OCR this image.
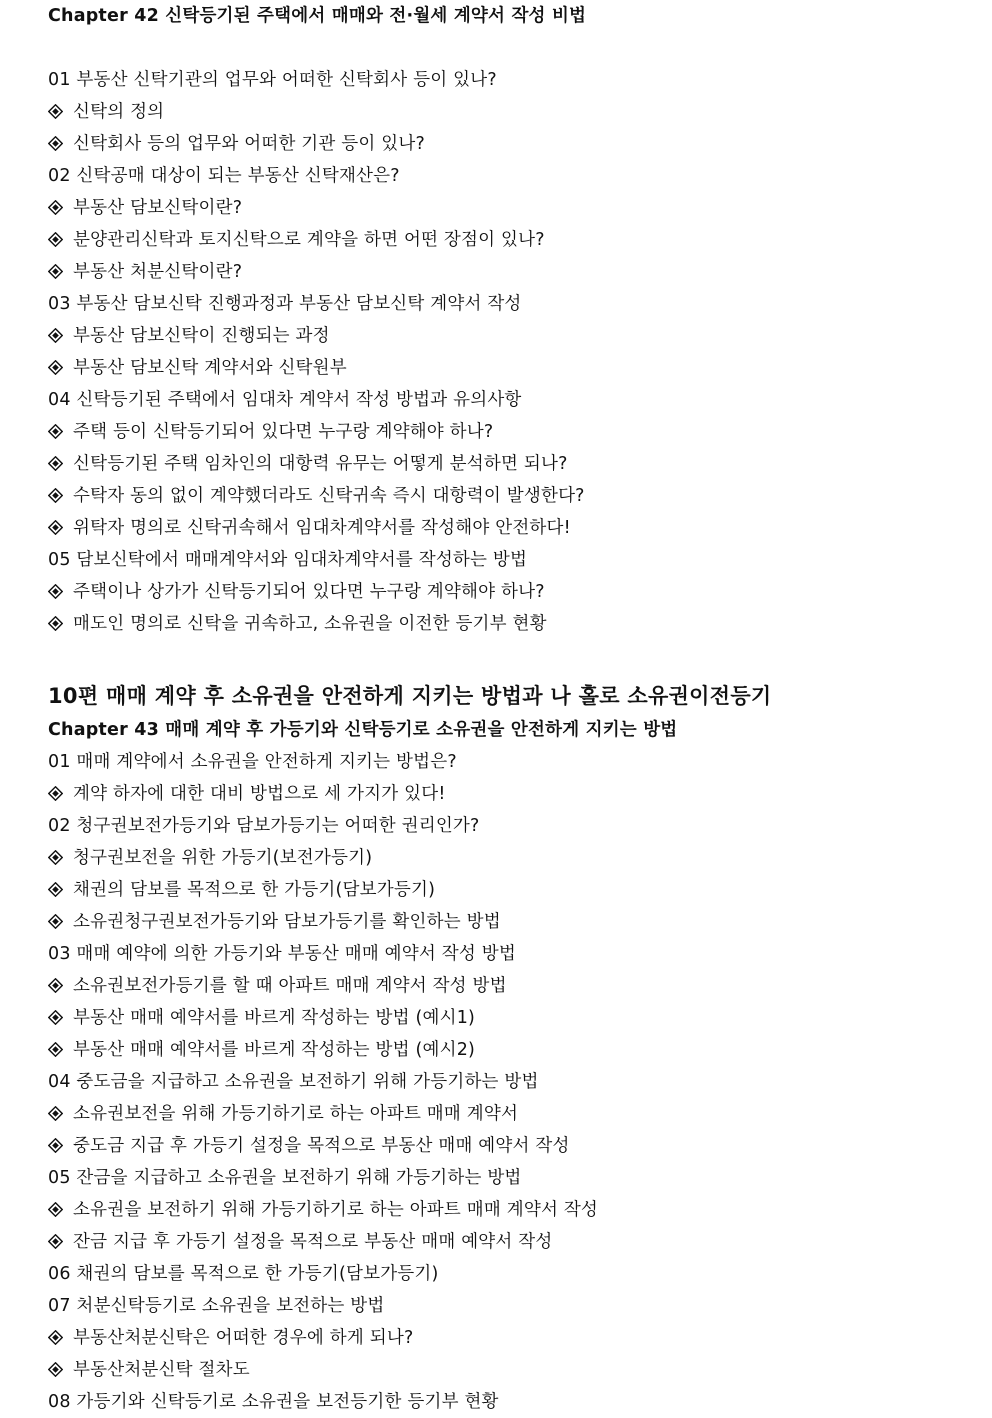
Chapter 42 신탁등기된 주택에서 매매와 전·월세 계약서 작성 비법
01 부동산 신탁기관의 업무와 어떠한 신탁회사 등이 있나?
신탁의 정의
신탁회사 등의 업무와 어떠한 기관 등이 있나?
02 신탁공매 대상이 되는 부동산 신탁재산은?
부동산 담보신탁이란?
분양관리신탁과 토지신탁으로 계약을 하면 어떤 장점이 있나?
부동산 처분신탁이란?
03 부동산 담보신탁 진행과정과 부동산 담보신탁 계약서 작성
부동산 담보신탁이 진행되는 과정
부동산 담보신탁 계약서와 신탁원부
04 신탁등기된 주택에서 임대차 계약서 작성 방법과 유의사항
주택 등이 신탁등기되어 있다면 누구랑 계약해야 하나?
신탁등기된 주택 임차인의 대항력 유무는 어떻게 분석하면 되나?
수탁자 동의 없이 계약했더라도 신탁귀속 즉시 대항력이 발생한다?
위탁자 명의로 신탁귀속해서 임대차계약서를 작성해야 안전하다!
05 담보신탁에서 매매계약서와 임대차계약서를 작성하는 방법
주택이나 상가가 신탁등기되어 있다면 누구랑 계약해야 하나?
매도인 명의로 신탁을 귀속하고, 소유권을 이전한 등기부 현황
10편 매매 계약 후 소유권을 안전하게 지키는 방법과 나 홀로 소유권이전등기
Chapter 43 매매 계약 후 가등기와 신탁등기로 소유권을 안전하게 지키는 방법
01 매매 계약에서 소유권을 안전하게 지키는 방법은?
계약 하자에 대한 대비 방법으로 세 가지가 있다!
02 청구권보전가등기와 담보가등기는 어떠한 권리인가?
청구권보전을 위한 가등기(보전가등기)
채권의 담보를 목적으로 한 가등기(담보가등기)
소유권청구권보전가등기와 담보가등기를 확인하는 방법
03 매매 예약에 의한 가등기와 부동산 매매 예약서 작성 방법
소유권보전가등기를 할 때 아파트 매매 계약서 작성 방법
부동산 매매 예약서를 바르게 작성하는 방법 (예시1)
부동산 매매 예약서를 바르게 작성하는 방법 (예시2)
04 중도금을 지급하고 소유권을 보전하기 위해 가등기하는 방법
소유권보전을 위해 가등기하기로 하는 아파트 매매 계약서
중도금 지급 후 가등기 설정을 목적으로 부동산 매매 예약서 작성
05 잔금을 지급하고 소유권을 보전하기 위해 가등기하는 방법
소유권을 보전하기 위해 가등기하기로 하는 아파트 매매 계약서 작성
잔금 지급 후 가등기 설정을 목적으로 부동산 매매 예약서 작성
06 채권의 담보를 목적으로 한 가등기(담보가등기)
07 처분신탁등기로 소유권을 보전하는 방법
부동산처분신탁은 어떠한 경우에 하게 되나?
부동산처분신탁 절차도
08 가등기와 신탁등기로 소유권을 보전등기한 등기부 현황
